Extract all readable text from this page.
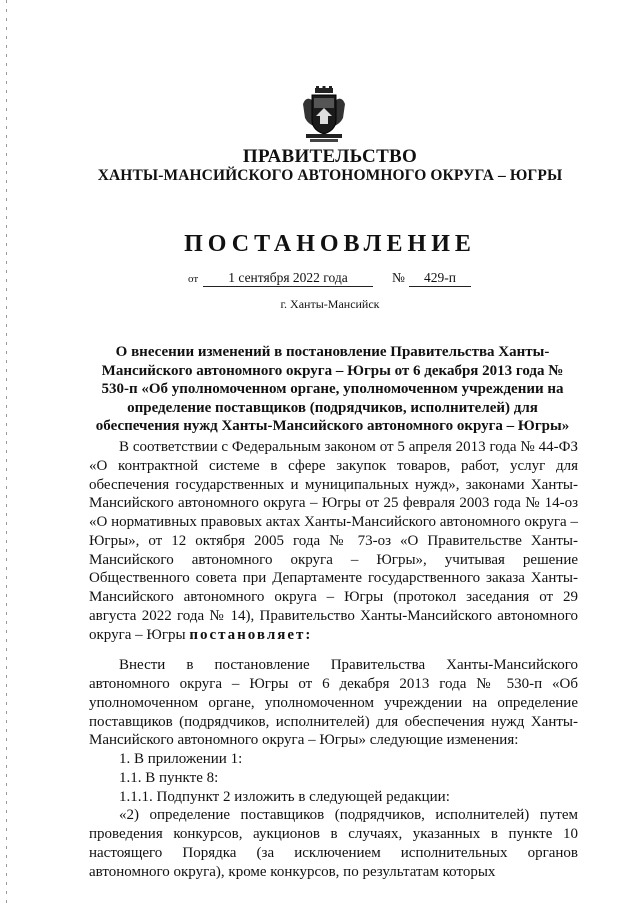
ПРАВИТЕЛЬСТВО
ХАНТЫ-МАНСИЙСКОГО АВТОНОМНОГО ОКРУГА – ЮГРЫ
ПОСТАНОВЛЕНИЕ
от	1 сентября 2022 года	№	429-п
г. Ханты-Мансийск
О внесении изменений в постановление Правительства Ханты-Мансийского автономного округа – Югры от 6 декабря 2013 года № 530-п «Об уполномоченном органе, уполномоченном учреждении на определение поставщиков (подрядчиков, исполнителей) для обеспечения нужд Ханты-Мансийского автономного округа – Югры»

В соответствии с Федеральным законом от 5 апреля 2013 года № 44-ФЗ «О контрактной системе в сфере закупок товаров, работ, услуг для обеспечения государственных и муниципальных нужд», законами Ханты-Мансийского автономного округа – Югры от 25 февраля 2003 года № 14-оз «О нормативных правовых актах Ханты-Мансийского автономного округа – Югры», от 12 октября 2005 года № 73-оз «О Правительстве Ханты-Мансийского автономного округа – Югры», учитывая решение Общественного совета при Департаменте государственного заказа Ханты-Мансийского автономного округа – Югры (протокол заседания от 29 августа 2022 года № 14), Правительство Ханты-Мансийского автономного округа – Югры постановляет:

Внести в постановление Правительства Ханты-Мансийского автономного округа – Югры от 6 декабря 2013 года № 530-п «Об уполномоченном органе, уполномоченном учреждении на определение поставщиков (подрядчиков, исполнителей) для обеспечения нужд Ханты-Мансийского автономного округа – Югры» следующие изменения:

1. В приложении 1:

1.1. В пункте 8:

1.1.1. Подпункт 2 изложить в следующей редакции:

«2) определение поставщиков (подрядчиков, исполнителей) путем проведения конкурсов, аукционов в случаях, указанных в пункте 10 настоящего Порядка (за исключением исполнительных органов автономного округа), кроме конкурсов, по результатам которых
